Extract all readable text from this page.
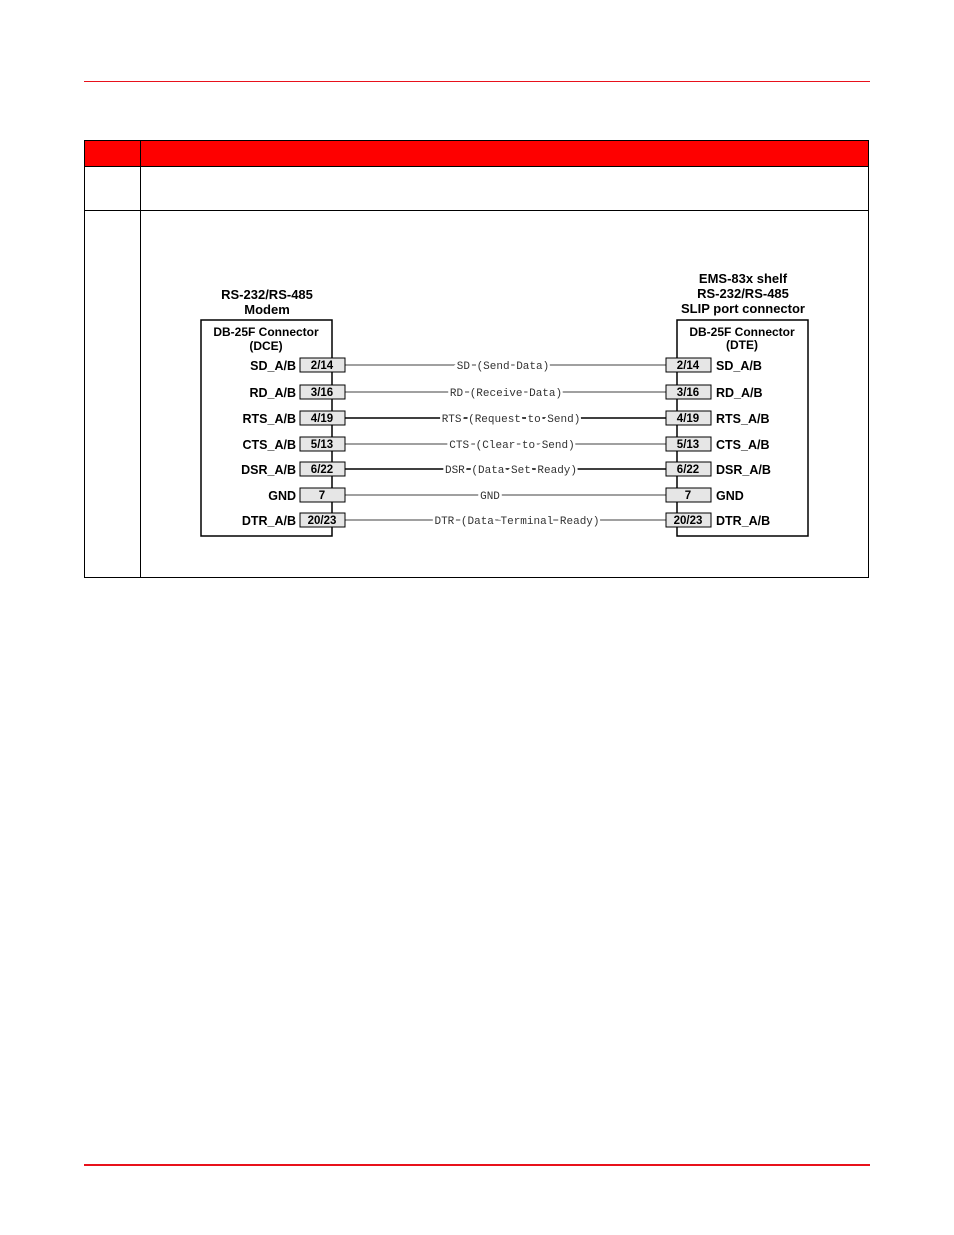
RS-232/RS-485
Modem
EMS-83x shelf
RS-232/RS-485
SLIP port connector
DB-25F Connector
(DCE)
DB-25F Connector
(DTE)
SD (Send Data)
2/14
SD_A/B	2/14 SD_A/B
RD (Receive Data)
3/16
RD_A/B	3/16 RD_A/B
RTS (Request to Send)
4/19
RTS_A/B	4/19 RTS_A/B
CTS (Clear to Send)
5/13
CTS_A/B	5/13 CTS_A/B
DSR (Data Set Ready)
6/22
DSR_A/B	6/22 DSR_A/B
GND
7
GND	7 GND
DTR (Data Terminal Ready)
20/23
DTR_A/B	20/23 DTR_A/B
